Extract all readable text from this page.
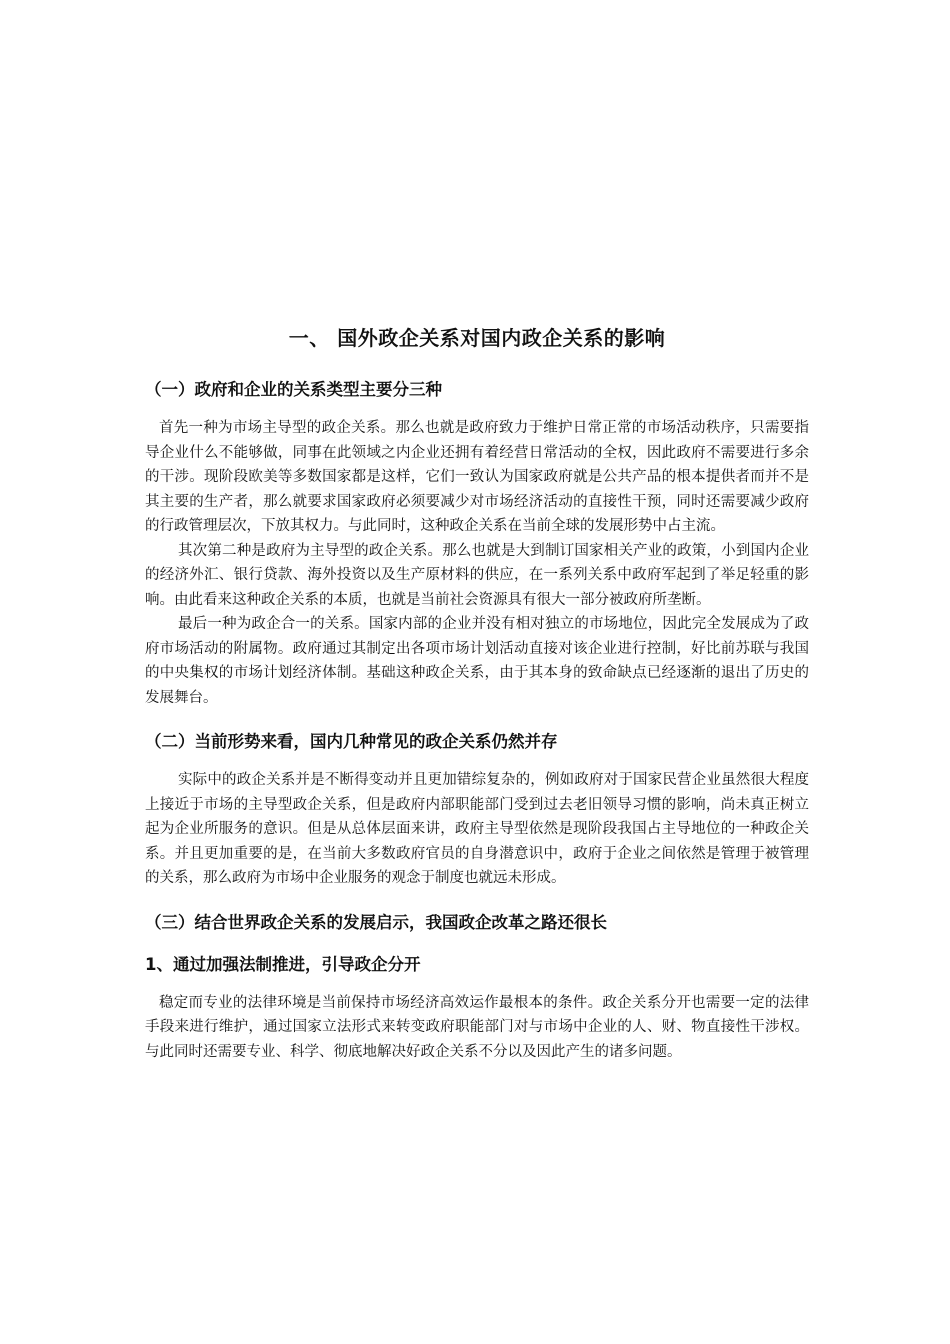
一、 国外政企关系对国内政企关系的影响
（一）政府和企业的关系类型主要分三种

首先一种为市场主导型的政企关系。那么也就是政府致力于维护日常正常的市场活动秩序，只需要指导企业什么不能够做，同事在此领域之内企业还拥有着经营日常活动的全权，因此政府不需要进行多余的干涉。现阶段欧美等多数国家都是这样，它们一致认为国家政府就是公共产品的根本提供者而并不是其主要的生产者，那么就要求国家政府必须要减少对市场经济活动的直接性干预，同时还需要减少政府的行政管理层次，下放其权力。与此同时，这种政企关系在当前全球的发展形势中占主流。

其次第二种是政府为主导型的政企关系。那么也就是大到制订国家相关产业的政策，小到国内企业的经济外汇、银行贷款、海外投资以及生产原材料的供应，在一系列关系中政府军起到了举足轻重的影响。由此看来这种政企关系的本质，也就是当前社会资源具有很大一部分被政府所垄断。

最后一种为政企合一的关系。国家内部的企业并没有相对独立的市场地位，因此完全发展成为了政府市场活动的附属物。政府通过其制定出各项市场计划活动直接对该企业进行控制，好比前苏联与我国的中央集权的市场计划经济体制。基础这种政企关系，由于其本身的致命缺点已经逐渐的退出了历史的发展舞台。

（二）当前形势来看，国内几种常见的政企关系仍然并存

实际中的政企关系并是不断得变动并且更加错综复杂的，例如政府对于国家民营企业虽然很大程度上接近于市场的主导型政企关系，但是政府内部职能部门受到过去老旧领导习惯的影响，尚未真正树立起为企业所服务的意识。但是从总体层面来讲，政府主导型依然是现阶段我国占主导地位的一种政企关系。并且更加重要的是，在当前大多数政府官员的自身潜意识中，政府于企业之间依然是管理于被管理的关系，那么政府为市场中企业服务的观念于制度也就远未形成。

（三）结合世界政企关系的发展启示，我国政企改革之路还很长
1、通过加强法制推进，引导政企分开

稳定而专业的法律环境是当前保持市场经济高效运作最根本的条件。政企关系分开也需要一定的法律手段来进行维护，通过国家立法形式来转变政府职能部门对与市场中企业的人、财、物直接性干涉权。与此同时还需要专业、科学、彻底地解决好政企关系不分以及因此产生的诸多问题。
